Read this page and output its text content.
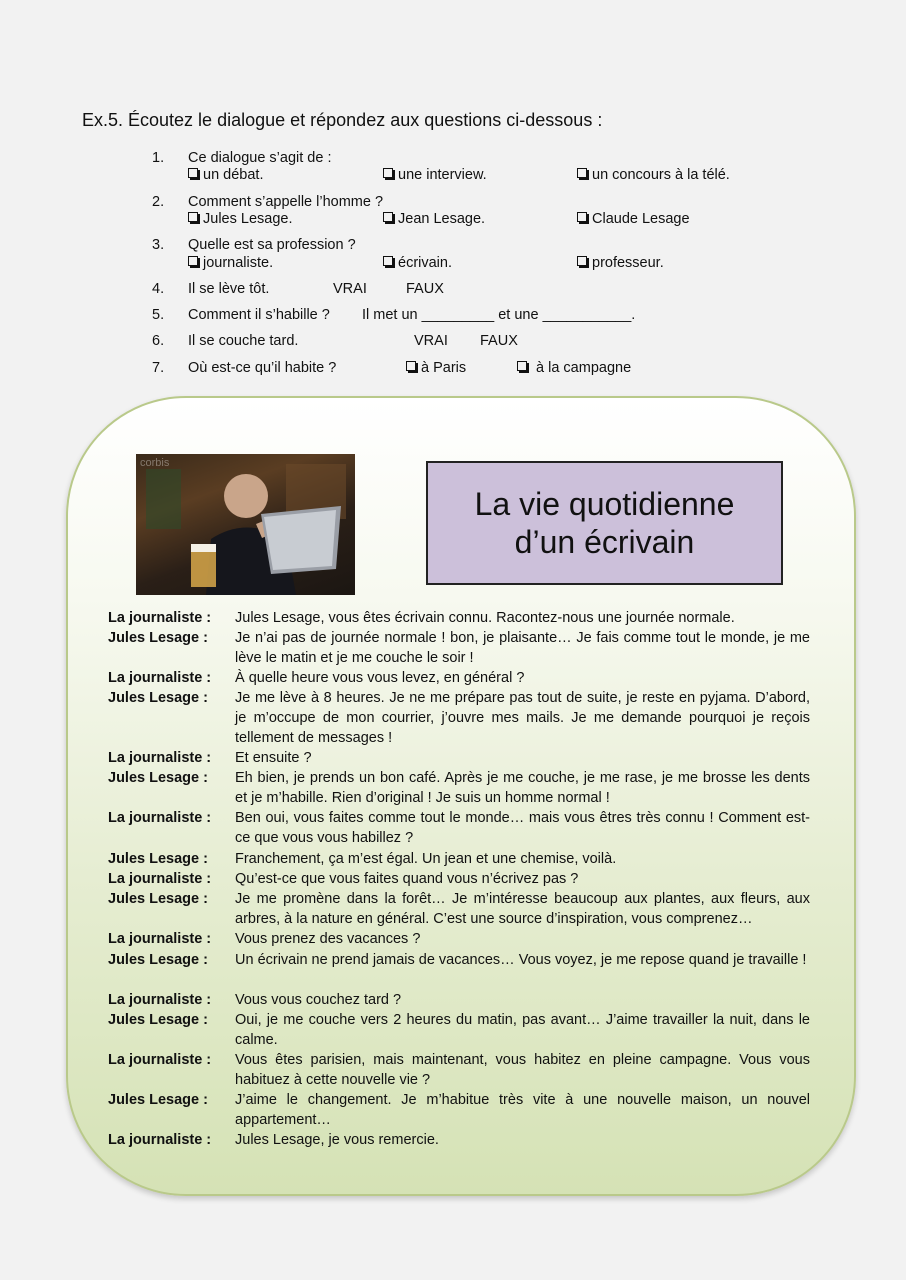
Ex.5. Écoutez le dialogue et répondez aux questions ci-dessous :
1. Ce dialogue s’agit de :
un débat.	une interview.	un concours à la télé.
2. Comment s’appelle l’homme ?
Jules Lesage.	Jean Lesage.	Claude Lesage
3. Quelle est sa profession ?
journaliste.	écrivain.	professeur.
4. Il se lève tôt.	VRAI	FAUX
5. Comment il s’habille ? Il met un _________ et une ___________.
6. Il se couche tard.	VRAI FAUX
7. Où est-ce qu’il habite ?	à Paris	à la campagne
corbis
La vie quotidienne
d’un écrivain
La journaliste : Jules Lesage, vous êtes écrivain connu. Racontez-nous une journée normale.
Jules Lesage : Je n’ai pas de journée normale ! bon, je plaisante… Je fais comme tout le monde, je me lève le matin et je me couche le soir !
La journaliste : À quelle heure vous vous levez, en général ?
Jules Lesage : Je me lève à 8 heures. Je ne me prépare pas tout de suite, je reste en pyjama. D’abord, je m’occupe de mon courrier, j’ouvre mes mails. Je me demande pourquoi je reçois tellement de messages !
La journaliste : Et ensuite ?
Jules Lesage : Eh bien, je prends un bon café. Après je me couche, je me rase, je me brosse les dents et je m’habille. Rien d’original ! Je suis un homme normal !
La journaliste : Ben oui, vous faites comme tout le monde… mais vous êtres très connu ! Comment est-ce que vous vous habillez ?
Jules Lesage : Franchement, ça m’est égal. Un jean et une chemise, voilà.
La journaliste : Qu’est-ce que vous faites quand vous n’écrivez pas ?
Jules Lesage : Je me promène dans la forêt… Je m’intéresse beaucoup aux plantes, aux fleurs, aux arbres, à la nature en général. C’est une source d’inspiration, vous comprenez…
La journaliste : Vous prenez des vacances ?
Jules Lesage : Un écrivain ne prend jamais de vacances… Vous voyez, je me repose quand je travaille !
La journaliste : Vous vous couchez tard ?
Jules Lesage : Oui, je me couche vers 2 heures du matin, pas avant… J’aime travailler la nuit, dans le calme.
La journaliste : Vous êtes parisien, mais maintenant, vous habitez en pleine campagne. Vous vous habituez à cette nouvelle vie ?
Jules Lesage : J’aime le changement. Je m’habitue très vite à une nouvelle maison, un nouvel appartement…
La journaliste : Jules Lesage, je vous remercie.
